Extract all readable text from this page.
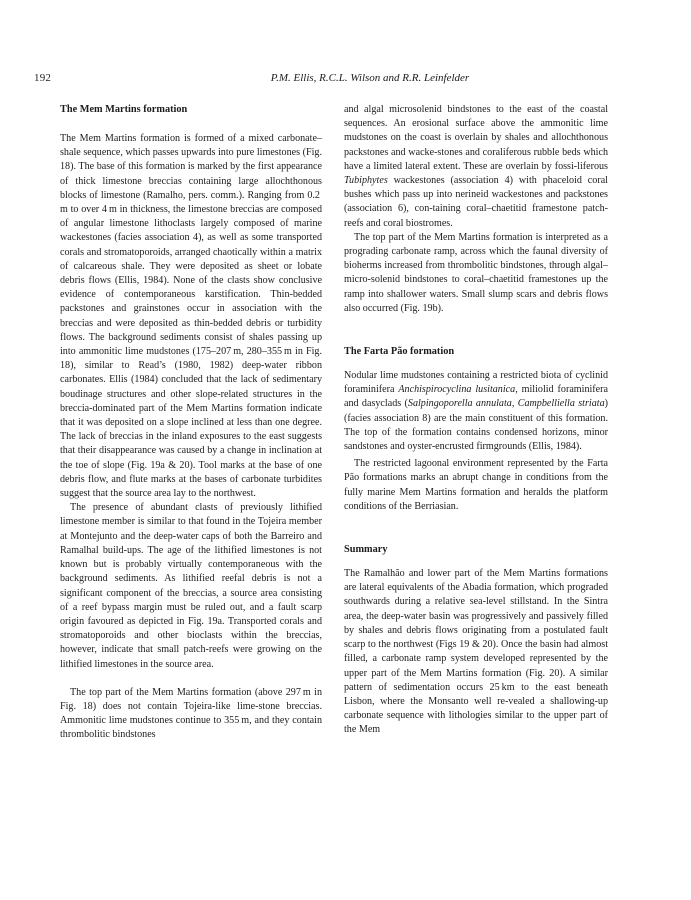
192	P.M. Ellis, R.C.L. Wilson and R.R. Leinfelder
The Mem Martins formation

The Mem Martins formation is formed of a mixed carbonate–shale sequence, which passes upwards into pure limestones (Fig. 18). The base of this formation is marked by the first appearance of thick limestone breccias containing large allochthonous blocks of limestone (Ramalho, pers. comm.). Ranging from 0.2 m to over 4 m in thickness, the limestone breccias are composed of angular limestone lithoclasts largely composed of marine wackestones (facies association 4), as well as some transported corals and stromatoporoids, arranged chaotically within a matrix of calcareous shale. They were deposited as sheet or lobate debris flows (Ellis, 1984). None of the clasts show conclusive evidence of contemporaneous karstification. Thin-bedded packstones and grainstones occur in association with the breccias and were deposited as thin-bedded debris or turbidity flows. The background sediments consist of shales passing up into ammonitic lime mudstones (175–207 m, 280–355 m in Fig. 18), similar to Read’s (1980, 1982) deep-water ribbon carbonates. Ellis (1984) concluded that the lack of sedimentary boudinage structures and other slope-related structures in the breccia-dominated part of the Mem Martins formation indicate that it was deposited on a slope inclined at less than one degree. The lack of breccias in the inland exposures to the east suggests that their disappearance was caused by a change in inclination at the toe of slope (Fig. 19a & 20). Tool marks at the base of one debris flow, and flute marks at the bases of carbonate turbidites suggest that the source area lay to the northwest.

The presence of abundant clasts of previously lithified limestone member is similar to that found in the Tojeira member at Montejunto and the deep-water caps of both the Barreiro and Ramalhal build-ups. The age of the lithified limestones is not known but is probably virtually contemporaneous with the background sediments. As lithified reefal debris is not a significant component of the breccias, a source area consisting of a reef bypass margin must be ruled out, and a fault scarp origin favoured as depicted in Fig. 19a. Transported corals and stromatoporoids and other bioclasts within the breccias, however, indicate that small patch-reefs were growing on the lithified limestones in the source area.

The top part of the Mem Martins formation (above 297 m in Fig. 18) does not contain Tojeira-like lime-stone breccias. Ammonitic lime mudstones continue to 355 m, and they contain thrombolitic bindstones

and algal microsolenid bindstones to the east of the coastal sequences. An erosional surface above the ammonitic lime mudstones on the coast is overlain by shales and allochthonous packstones and wacke-stones and coraliferous rubble beds which have a limited lateral extent. These are overlain by fossi-liferous Tubiphytes wackestones (association 4) with phaceloid coral bushes which pass up into nerineid wackestones and packstones (association 6), con-taining coral–chaetitid framestone patch-reefs and coral biostromes.

The top part of the Mem Martins formation is interpreted as a prograding carbonate ramp, across which the faunal diversity of bioherms increased from thrombolitic bindstones, through algal–micro-solenid bindstones to coral–chaetitid framestones up the ramp into shallower waters. Small slump scars and debris flows also occurred (Fig. 19b).

The Farta Pão formation

Nodular lime mudstones containing a restricted biota of cyclinid foraminifera Anchispirocyclina lusitanica, miliolid foraminifera and dasyclads (Salpingoporella annulata, Campbelliella striata) (facies association 8) are the main constituent of this formation. The top of the formation contains condensed horizons, minor sandstones and oyster-encrusted firmgrounds (Ellis, 1984).

The restricted lagoonal environment represented by the Farta Pão formations marks an abrupt change in conditions from the fully marine Mem Martins formation and heralds the platform conditions of the Berriasian.

Summary

The Ramalhão and lower part of the Mem Martins formations are lateral equivalents of the Abadia formation, which prograded southwards during a relative sea-level stillstand. In the Sintra area, the deep-water basin was progressively and passively filled by shales and debris flows originating from a postulated fault scarp to the northwest (Figs 19 & 20). Once the basin had almost filled, a carbonate ramp system developed represented by the upper part of the Mem Martins formation (Fig. 20). A similar pattern of sedimentation occurs 25 km to the east beneath Lisbon, where the Monsanto well re-vealed a shallowing-up carbonate sequence with lithologies similar to the upper part of the Mem
